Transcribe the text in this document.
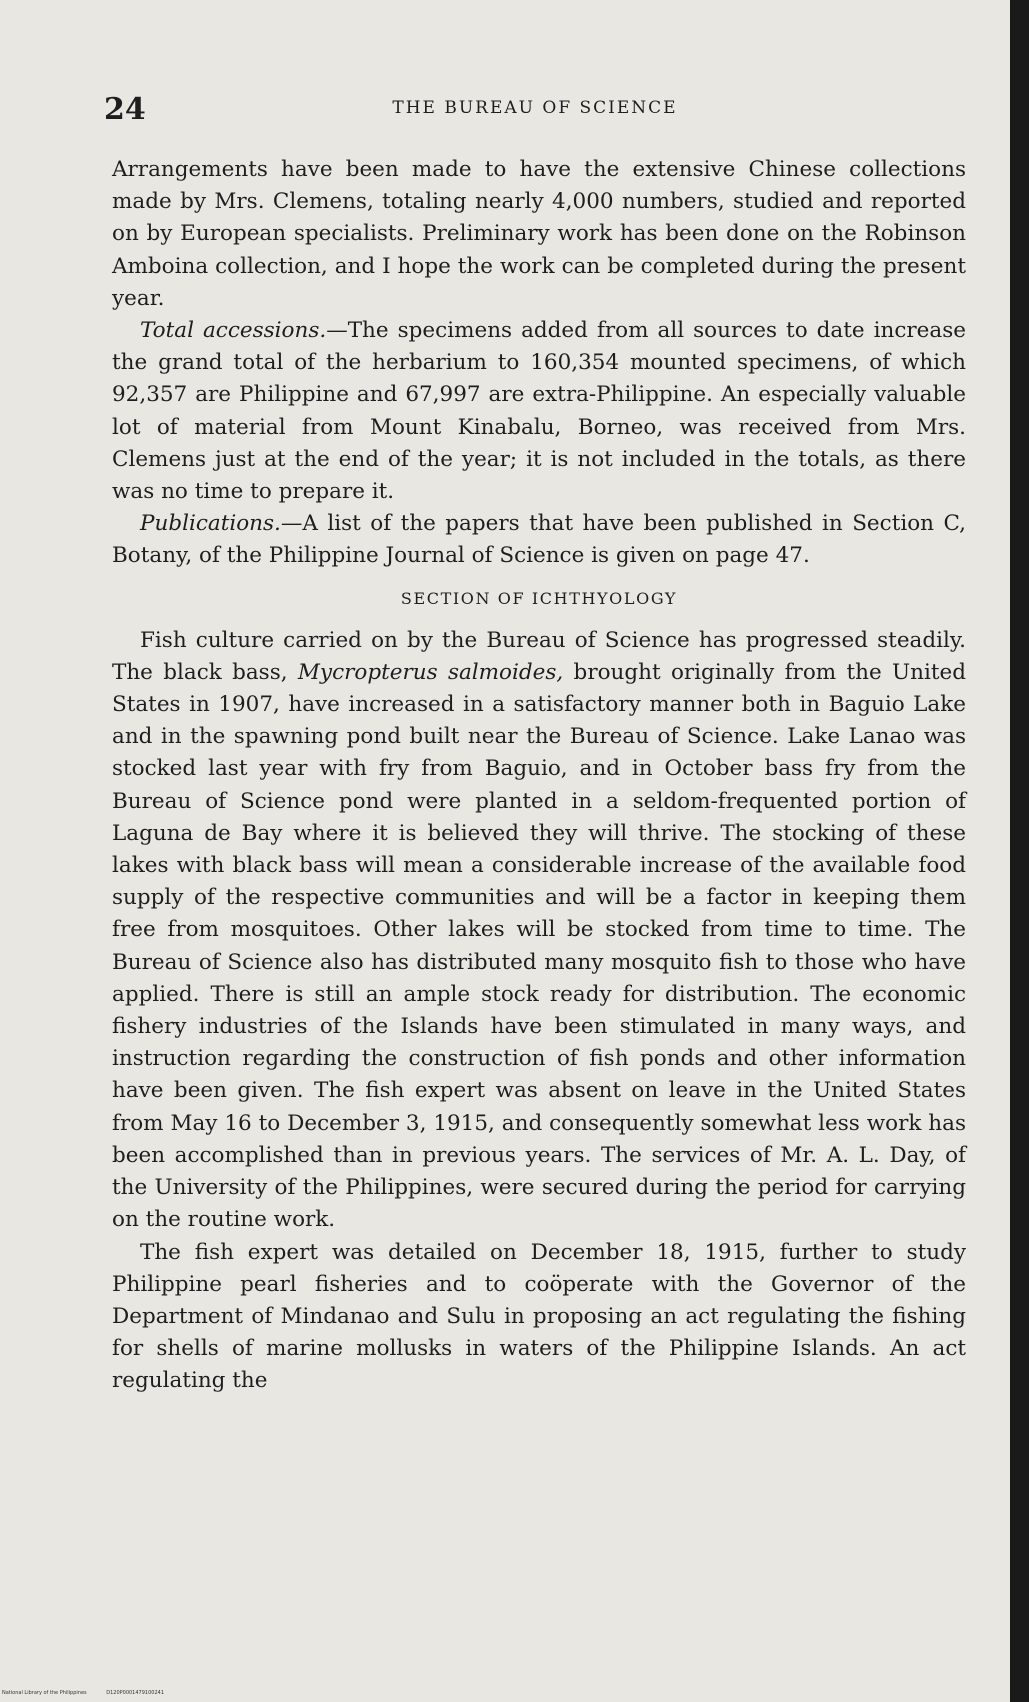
24	THE BUREAU OF SCIENCE

Arrangements have been made to have the extensive Chinese collections made by Mrs. Clemens, totaling nearly 4,000 numbers, studied and reported on by European specialists. Preliminary work has been done on the Robinson Amboina collection, and I hope the work can be completed during the present year.

Total accessions.—The specimens added from all sources to date increase the grand total of the herbarium to 160,354 mounted specimens, of which 92,357 are Philippine and 67,997 are extra-Philippine. An especially valuable lot of material from Mount Kinabalu, Borneo, was received from Mrs. Clemens just at the end of the year; it is not included in the totals, as there was no time to prepare it.

Publications.—A list of the papers that have been published in Section C, Botany, of the Philippine Journal of Science is given on page 47.

SECTION OF ICHTHYOLOGY

Fish culture carried on by the Bureau of Science has progressed steadily. The black bass, Mycropterus salmoides, brought originally from the United States in 1907, have increased in a satisfactory manner both in Baguio Lake and in the spawning pond built near the Bureau of Science. Lake Lanao was stocked last year with fry from Baguio, and in October bass fry from the Bureau of Science pond were planted in a seldom-frequented portion of Laguna de Bay where it is believed they will thrive. The stocking of these lakes with black bass will mean a considerable increase of the available food supply of the respective communities and will be a factor in keeping them free from mosquitoes. Other lakes will be stocked from time to time. The Bureau of Science also has distributed many mosquito fish to those who have applied. There is still an ample stock ready for distribution. The economic fishery industries of the Islands have been stimulated in many ways, and instruction regarding the construction of fish ponds and other information have been given. The fish expert was absent on leave in the United States from May 16 to December 3, 1915, and consequently somewhat less work has been accomplished than in previous years. The services of Mr. A. L. Day, of the University of the Philippines, were secured during the period for carrying on the routine work.

The fish expert was detailed on December 18, 1915, further to study Philippine pearl fisheries and to coöperate with the Governor of the Department of Mindanao and Sulu in proposing an act regulating the fishing for shells of marine mollusks in waters of the Philippine Islands. An act regulating the

National Library of the Philippines	D120P0001479100241
